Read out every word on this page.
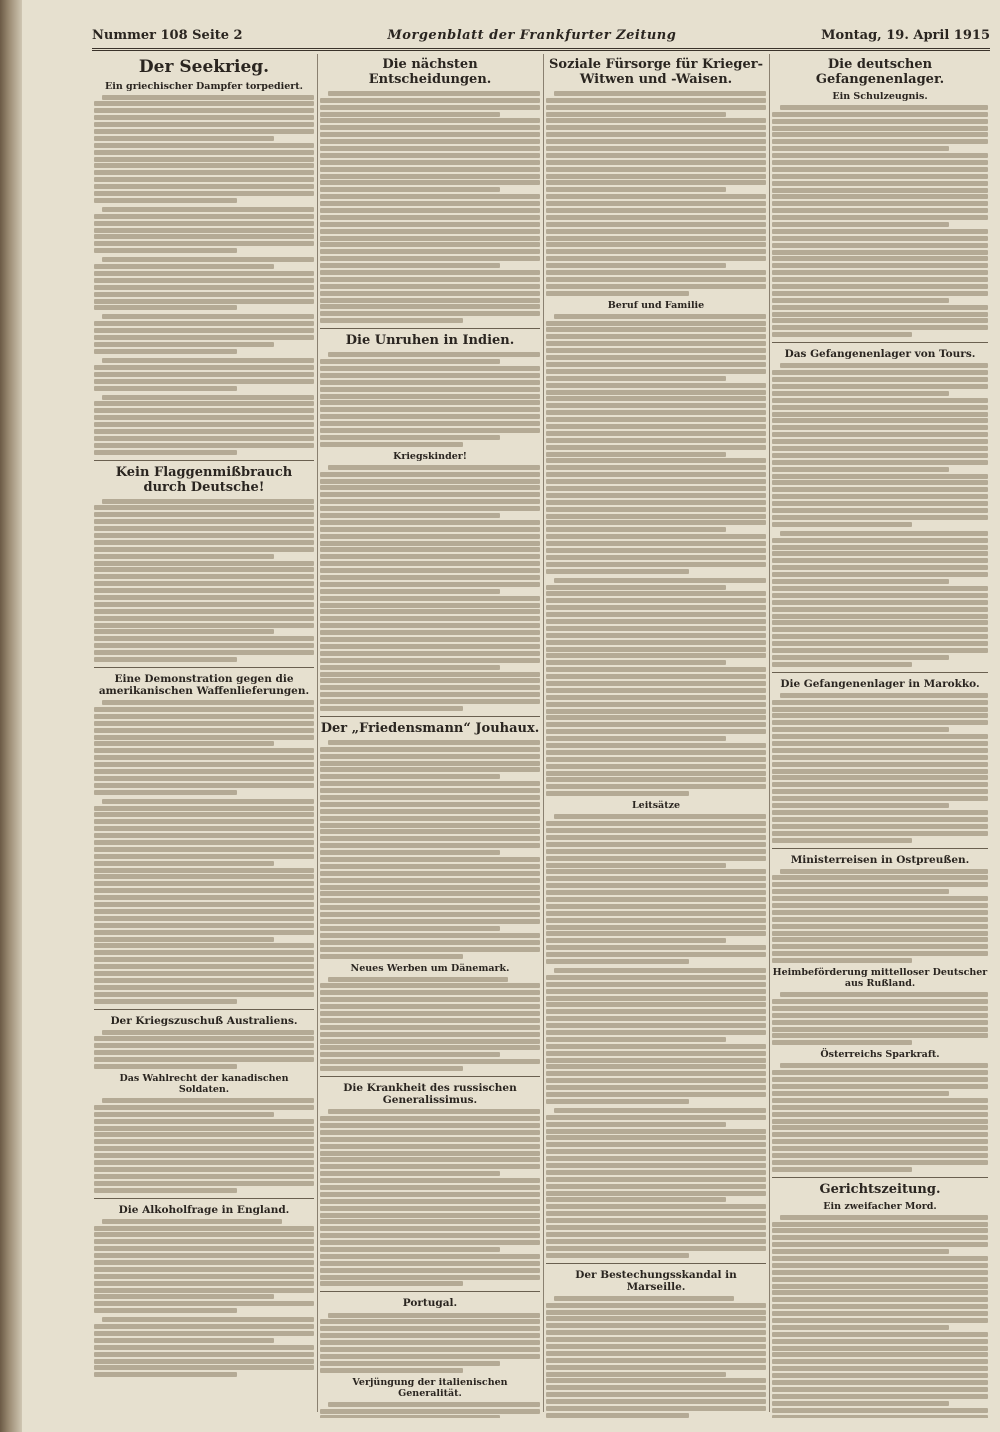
Nummer 108 Seite 2	Morgenblatt der Frankfurter Zeitung	Montag, 19. April 1915
Der Seekrieg.
Ein griechischer Dampfer torpediert.
Kein Flaggenmißbrauch durch Deutsche!
Eine Demonstration gegen die amerikanischen Waffenlieferungen.
Der Kriegszuschuß Australiens.
Das Wahlrecht der kanadischen Soldaten.
Die Alkoholfrage in England.
Die nächsten Entscheidungen.
Die Unruhen in Indien.
Kriegskinder!
Der „Friedensmann“ Jouhaux.
Neues Werben um Dänemark.
Die Krankheit des russischen Generalissimus.
Portugal.
Verjüngung der italienischen Generalität.
Soziale Fürsorge für Krieger-Witwen und -Waisen.
Beruf und Familie
Leitsätze
Der Bestechungsskandal in Marseille.
Die deutschen Gefangenenlager.
Ein Schulzeugnis.
Das Gefangenenlager von Tours.
Die Gefangenenlager in Marokko.
Ministerreisen in Ostpreußen.
Heimbeförderung mittelloser Deutscher aus Rußland.
Österreichs Sparkraft.
Gerichtszeitung.
Ein zweifacher Mord.
